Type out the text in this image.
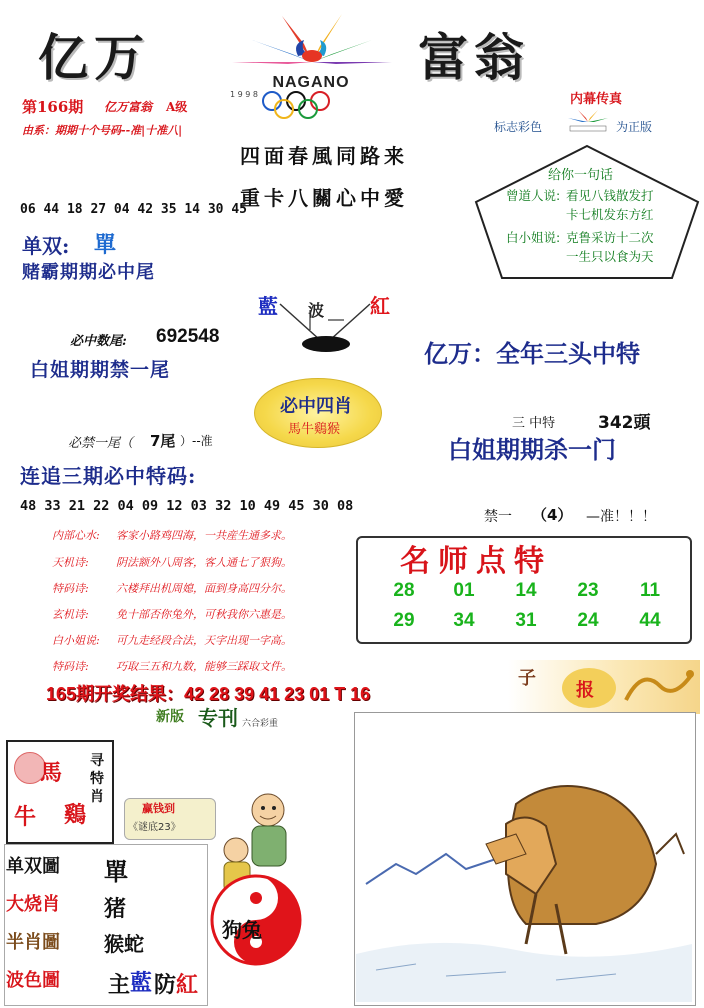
亿万	富翁
NAGANO
1 9 9 8
第166期 亿万富翁 A级
由系：期期十个号码--准|十准八|
四面春風同路来
重卡八關心中愛
内幕传真
标志彩色	为正版
给你一句话
曾道人说: 看见八钱散发打
卡七机发东方红
白小姐说: 克鲁采访十二次
一生只以食为天
06 44 18 27 04 42 35 14 30 45
单双: 單
赌霸期期必中尾
藍 波 紅
必中数尾: 692548
白姐期期禁一尾
必中四肖
馬牛鷄猴
亿万：全年三头中特
三 中特	342頭
白姐期期杀一门
必禁一尾（ 7尾 ）--准
连追三期必中特码:
48 33 21 22 04 09 12 03 32 10 49 45 30 08
禁一 （4） —准！！！
内部心水: 客家小路鸡四海，一共産生通多求。
天机诗: 阴法额外八周客，客人通七了狠狗。
特码诗: 六楼拜出机周媳，面到身高四分尔。
玄机诗: 免十部否你兔外，可秋我你六惠是。
白小姐说: 可九走经段合法，天字出现一字高。
特码诗: 巧取三五和九数，能够三踩取文件。
名师点特
28	01	14	23	11
29	34	31	24	44
165期开奖结果：42 28 39 41 23 01 T 16
新版 专刊 六合彩重
子
报
馬
牛 鷄
寻特肖
赢钱到
《谜底23》
单双圖
大烧肖
半肖圖
波色圖
單
猪
猴蛇
主 藍 防 紅
狗兔
